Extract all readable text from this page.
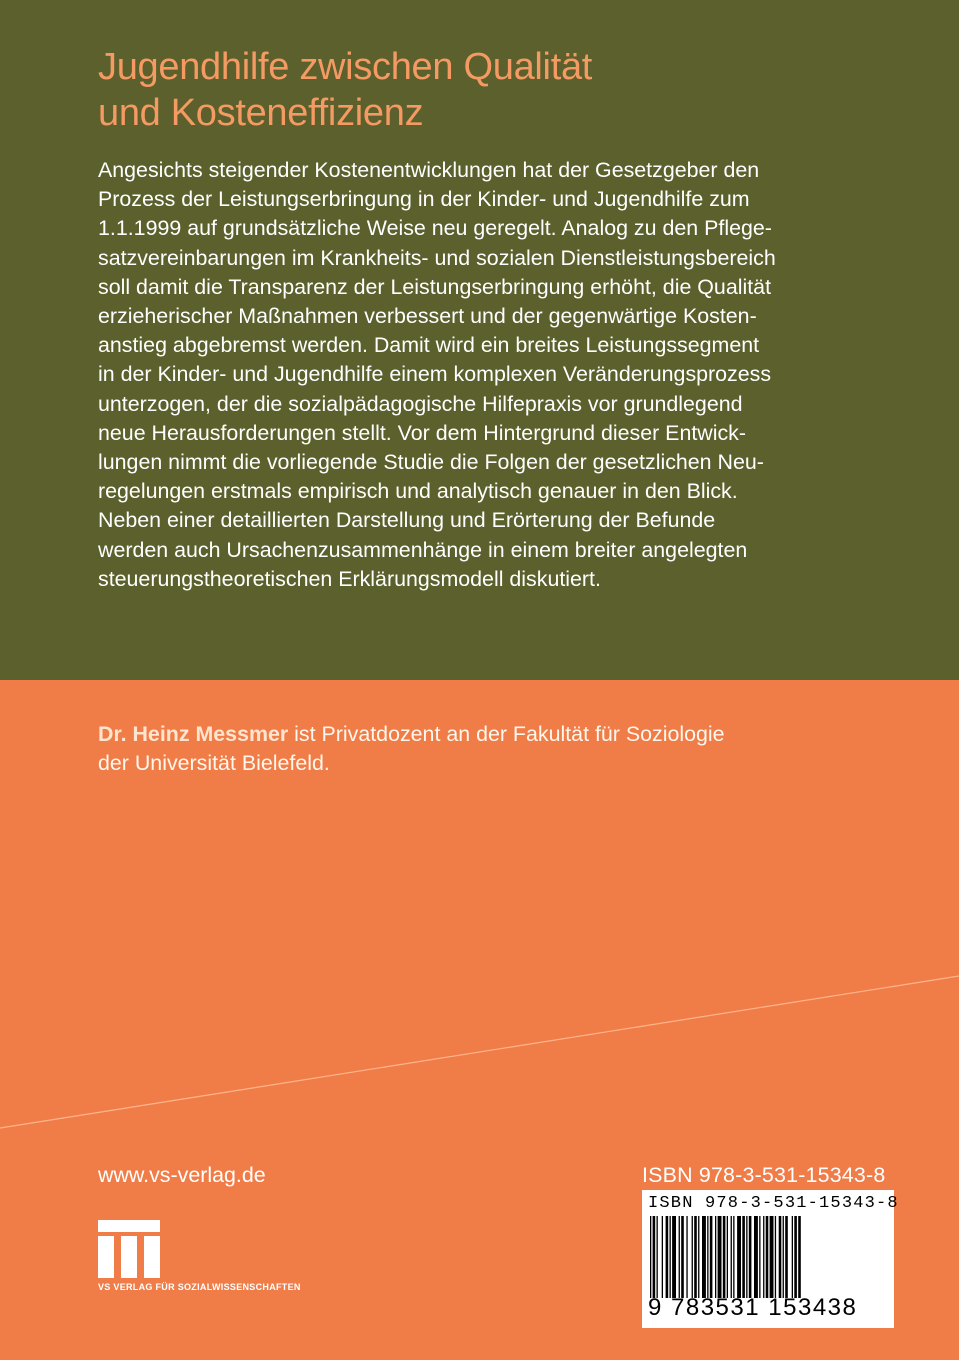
Jugendhilfe zwischen Qualität
und Kosteneffizienz
Angesichts steigender Kostenentwicklungen hat der Gesetzgeber den
Prozess der Leistungserbringung in der Kinder- und Jugendhilfe zum
1.1.1999 auf grundsätzliche Weise neu geregelt. Analog zu den Pflege-
satzvereinbarungen im Krankheits- und sozialen Dienstleistungsbereich
soll damit die Transparenz der Leistungserbringung erhöht, die Qualität
erzieherischer Maßnahmen verbessert und der gegenwärtige Kosten-
anstieg abgebremst werden. Damit wird ein breites Leistungssegment
in der Kinder- und Jugendhilfe einem komplexen Veränderungsprozess
unterzogen, der die sozialpädagogische Hilfepraxis vor grundlegend
neue Herausforderungen stellt. Vor dem Hintergrund dieser Entwick-
lungen nimmt die vorliegende Studie die Folgen der gesetzlichen Neu-
regelungen erstmals empirisch und analytisch genauer in den Blick.
Neben einer detaillierten Darstellung und Erörterung der Befunde
werden auch Ursachenzusammenhänge in einem breiter angelegten
steuerungstheoretischen Erklärungsmodell diskutiert.
Dr. Heinz Messmer ist Privatdozent an der Fakultät für Soziologie
der Universität Bielefeld.
www.vs-verlag.de	ISBN 978-3-531-15343-8
ISBN 978-3-531-15343-8
9 783531 153438
VS VERLAG FÜR SOZIALWISSENSCHAFTEN
